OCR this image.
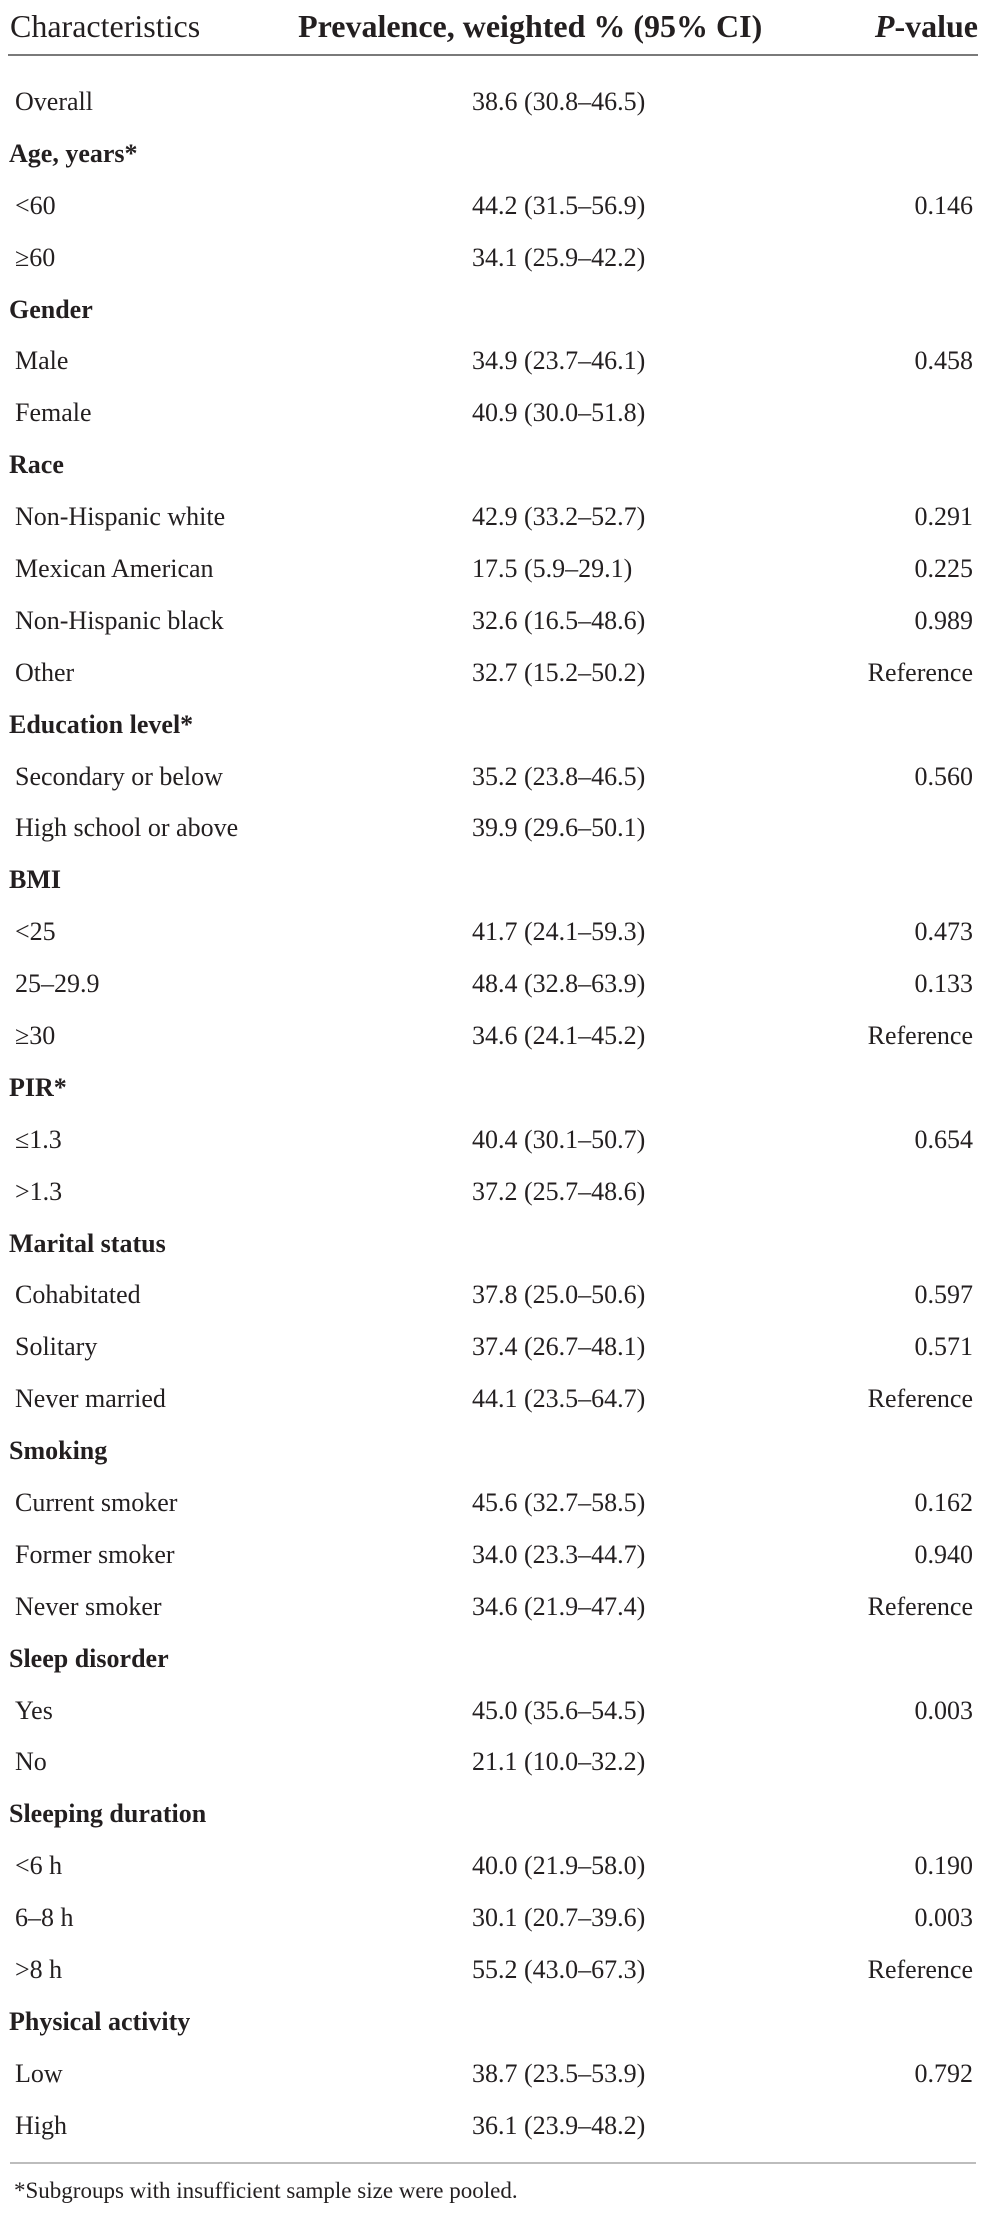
Characteristics	Prevalence, weighted % (95% CI)	P-value
Overall	38.6 (30.8–46.5)
Age, years*
<60	44.2 (31.5–56.9)	0.146
≥60	34.1 (25.9–42.2)
Gender
Male	34.9 (23.7–46.1)	0.458
Female	40.9 (30.0–51.8)
Race
Non-Hispanic white	42.9 (33.2–52.7)	0.291
Mexican American	17.5 (5.9–29.1)	0.225
Non-Hispanic black	32.6 (16.5–48.6)	0.989
Other	32.7 (15.2–50.2)	Reference
Education level*
Secondary or below	35.2 (23.8–46.5)	0.560
High school or above	39.9 (29.6–50.1)
BMI
<25	41.7 (24.1–59.3)	0.473
25–29.9	48.4 (32.8–63.9)	0.133
≥30	34.6 (24.1–45.2)	Reference
PIR*
≤1.3	40.4 (30.1–50.7)	0.654
>1.3	37.2 (25.7–48.6)
Marital status
Cohabitated	37.8 (25.0–50.6)	0.597
Solitary	37.4 (26.7–48.1)	0.571
Never married	44.1 (23.5–64.7)	Reference
Smoking
Current smoker	45.6 (32.7–58.5)	0.162
Former smoker	34.0 (23.3–44.7)	0.940
Never smoker	34.6 (21.9–47.4)	Reference
Sleep disorder
Yes	45.0 (35.6–54.5)	0.003
No	21.1 (10.0–32.2)
Sleeping duration
<6 h	40.0 (21.9–58.0)	0.190
6–8 h	30.1 (20.7–39.6)	0.003
>8 h	55.2 (43.0–67.3)	Reference
Physical activity
Low	38.7 (23.5–53.9)	0.792
High	36.1 (23.9–48.2)
*Subgroups with insufficient sample size were pooled.
